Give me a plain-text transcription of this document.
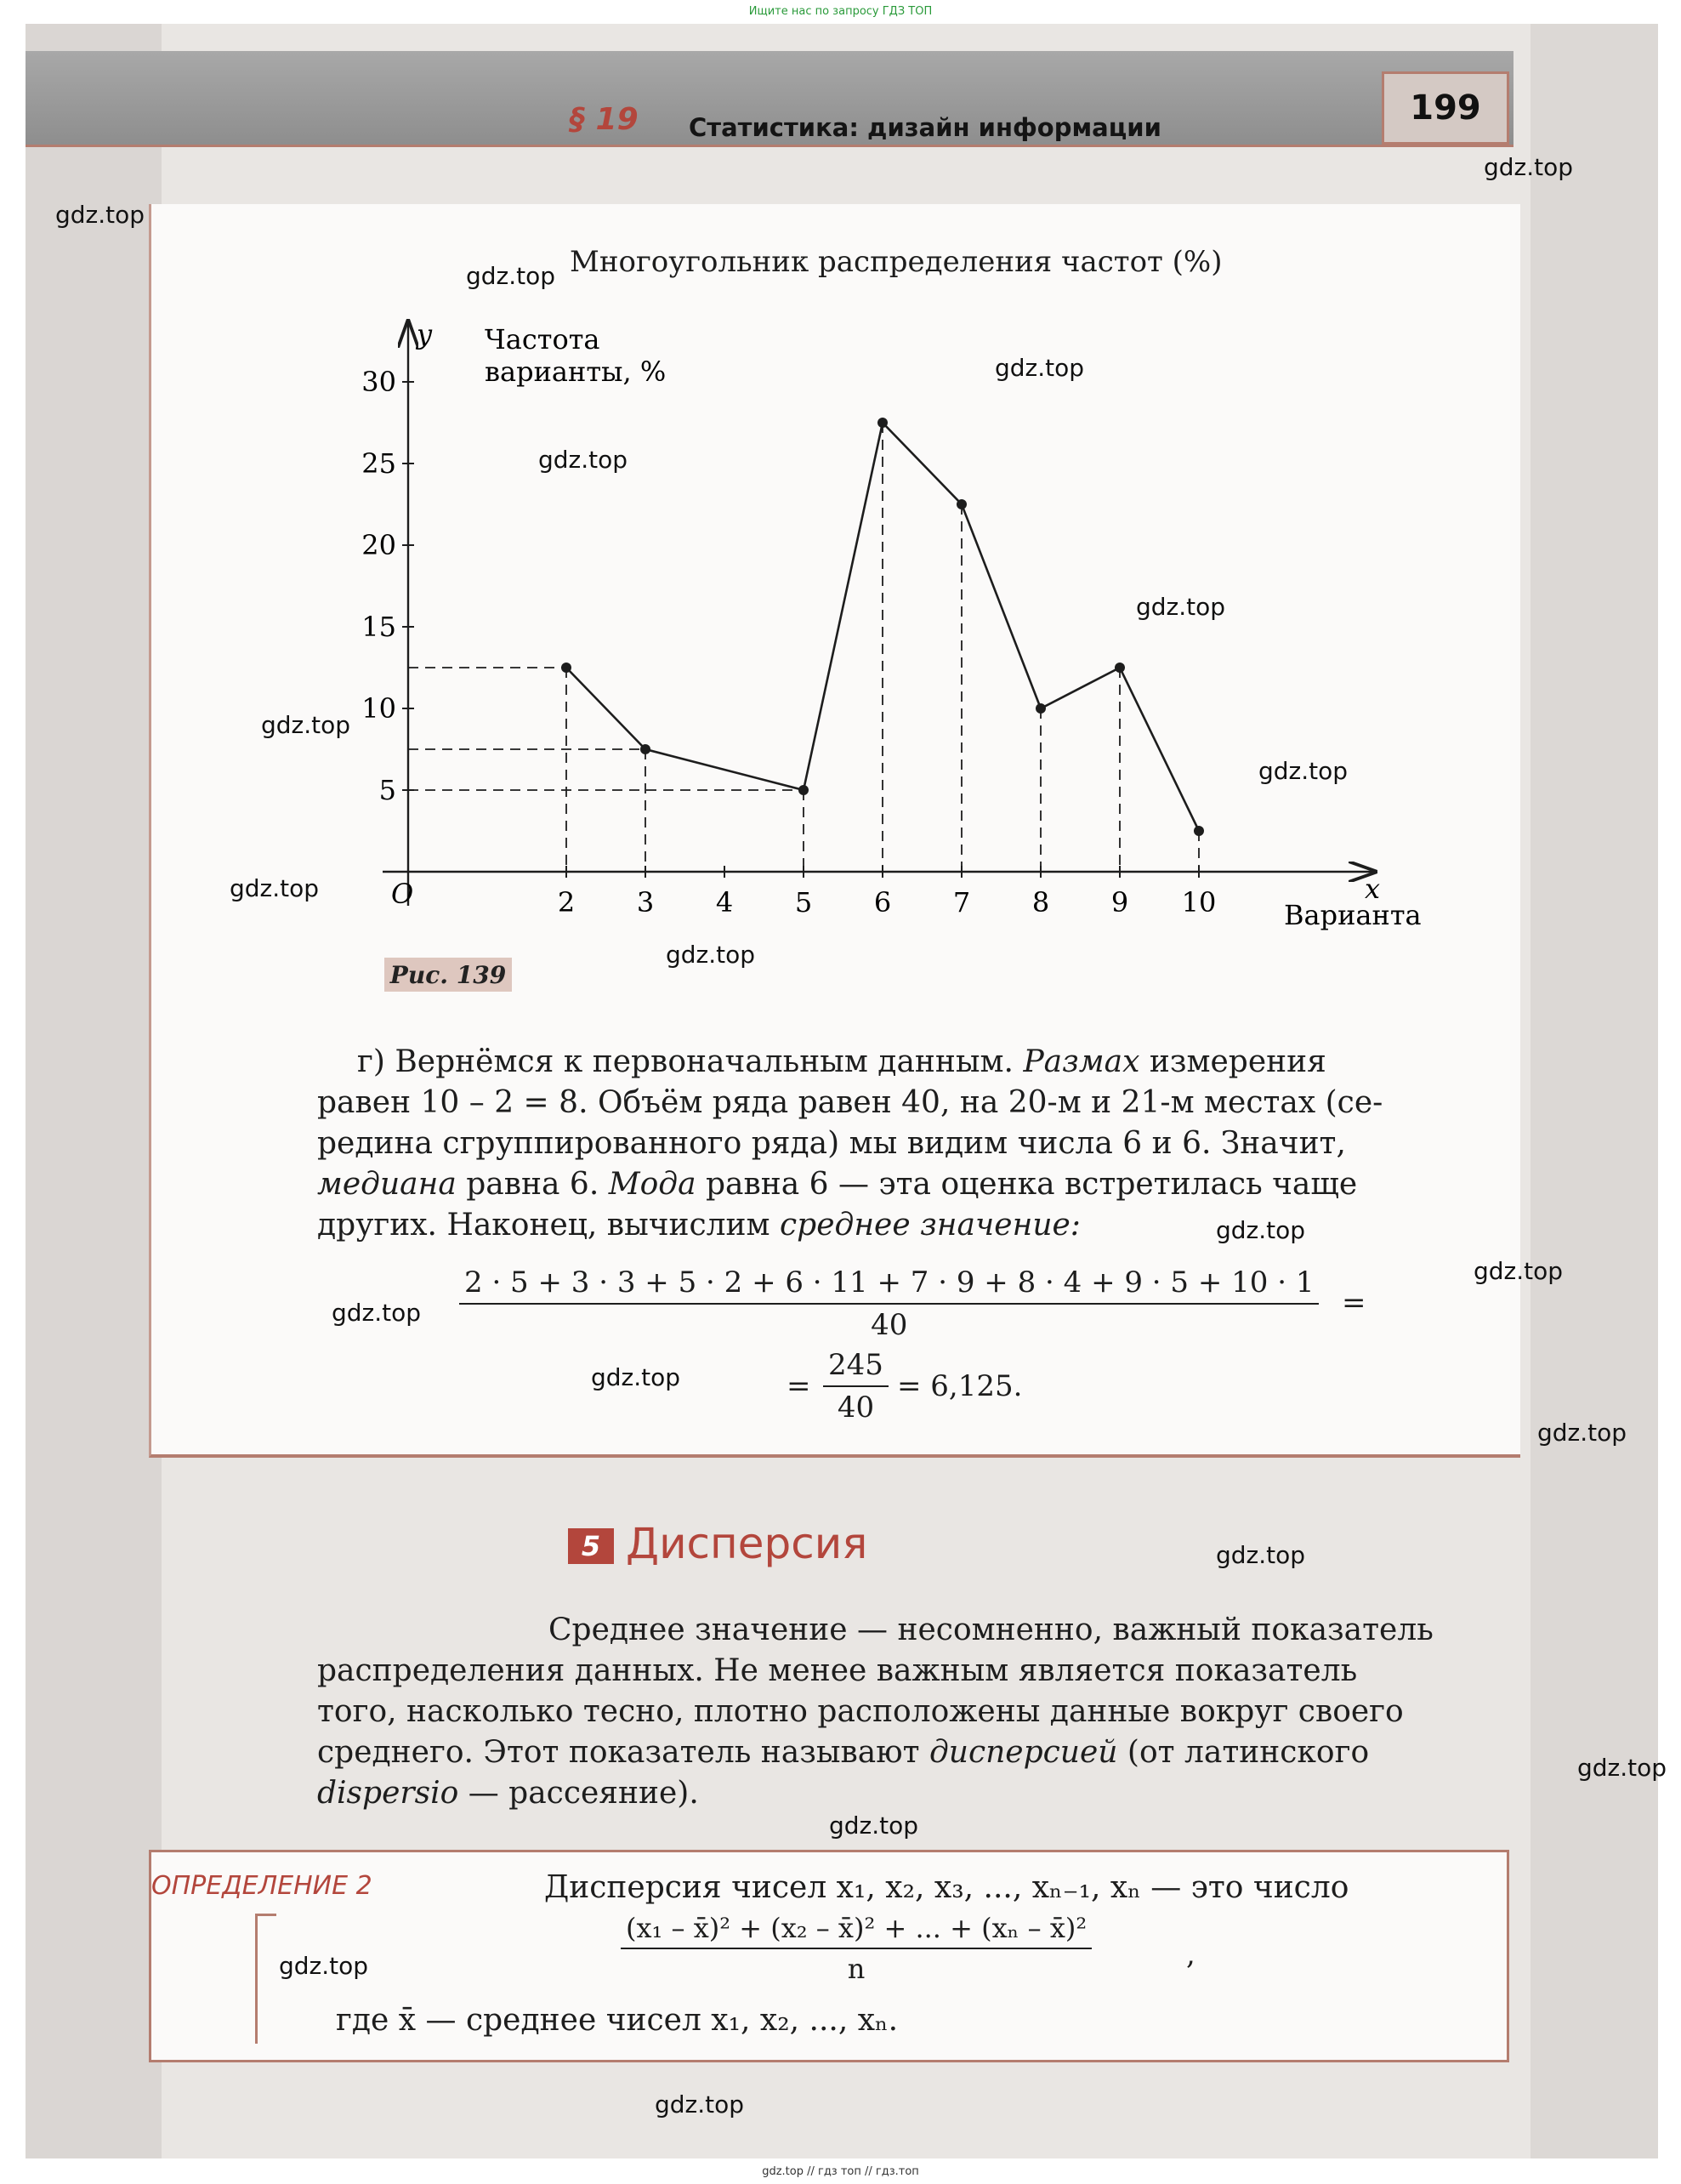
Ищите нас по запросу ГДЗ ТОП
§ 19 Статистика: дизайн информации	199
Многоугольник распределения частот (%)
y
x
Частота
варианты, %
Варианта
O
5
10
15
20
25
30
2 3 4 5 6 7 8 9 10
Рис. 139
г) Вернёмся к первоначальным данным. Размах измерения
равен 10 – 2 = 8. Объём ряда равен 40, на 20-м и 21-м местах (се-
редина сгруппированного ряда) мы видим числа 6 и 6. Значит,
медиана равна 6. Мода равна 6 — эта оценка встретилась чаще
других. Наконец, вычислим среднее значение:
2 · 5 + 3 · 3 + 5 · 2 + 6 · 11 + 7 · 9 + 8 · 4 + 9 · 5 + 10 · 1
40
=
= $\frac{245}{40} = 6,125$.
5 Дисперсия
Среднее значение — несомненно, важный показатель
распределения данных. Не менее важным является показатель
того, насколько тесно, плотно расположены данные вокруг своего
среднего. Этот показатель называют дисперсией (от латинского
dispersio — рассеяние).
ОПРЕДЕЛЕНИЕ 2	Дисперсия чисел x₁, x₂, x₃, ..., xₙ₋₁, xₙ — это число
$\frac{\text{(x₁ – x̄)² + (x₂ – x̄)² + ... + (xₙ – x̄)²}}{n}$	,
где x̄ — среднее чисел x₁, x₂, ..., xₙ.
gdz.top
gdz.top
gdz.top
gdz.top
gdz.top
gdz.top
gdz.top
gdz.top
gdz.top
gdz.top
gdz.top
gdz.top
gdz.top
gdz.top
gdz.top
gdz.top
gdz.top
gdz.top
gdz.top
gdz.top
gdz.top // гдз топ // гдз.топ
